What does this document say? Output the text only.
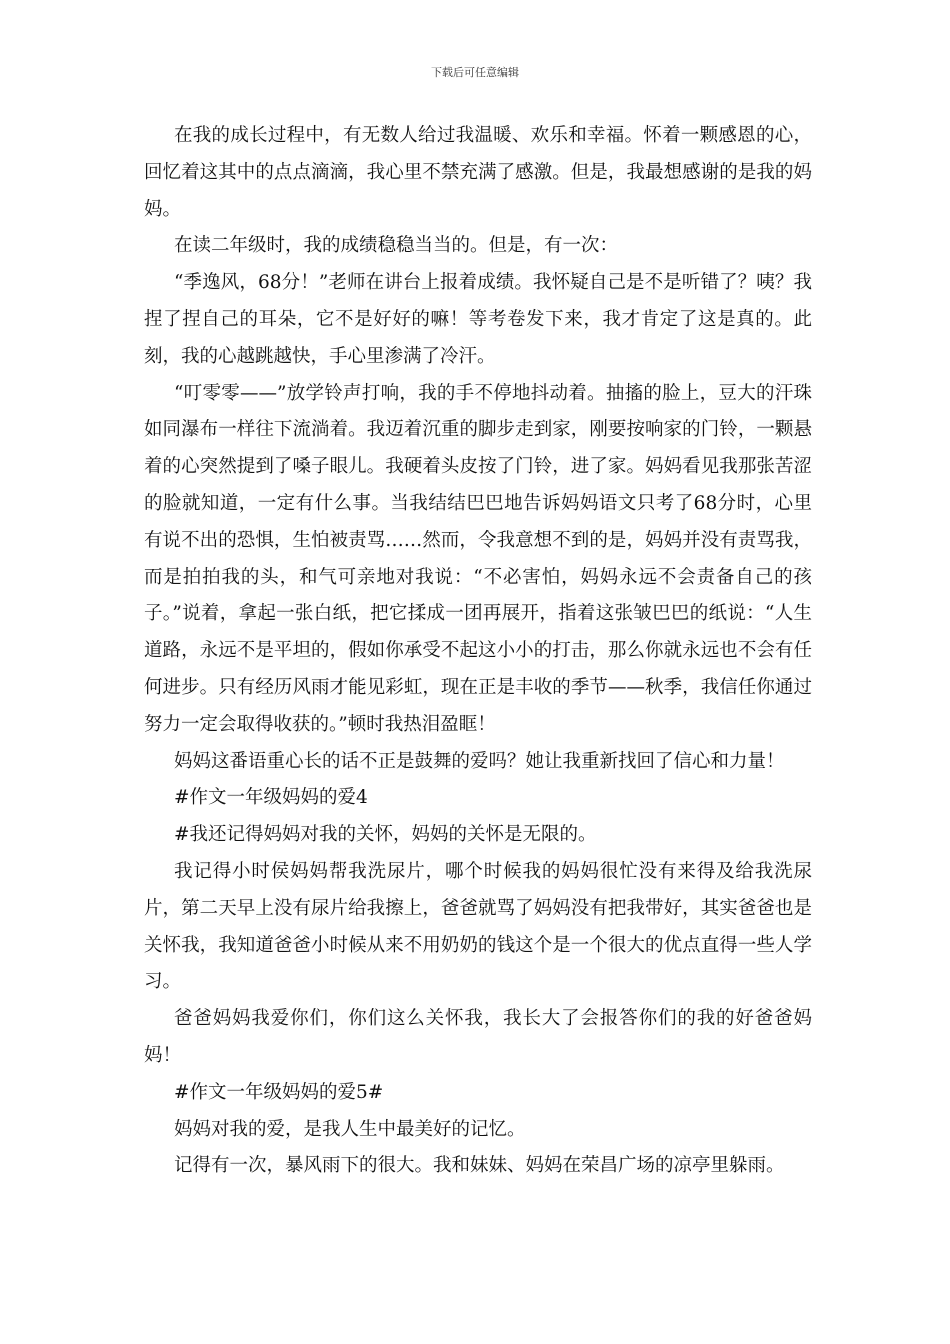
下载后可任意编辑

在我的成长过程中，有无数人给过我温暖、欢乐和幸福。怀着一颗感恩的心，回忆着这其中的点点滴滴，我心里不禁充满了感激。但是，我最想感谢的是我的妈妈。

在读二年级时，我的成绩稳稳当当的。但是，有一次：

“季逸风，68分！”老师在讲台上报着成绩。我怀疑自己是不是听错了？咦？我捏了捏自己的耳朵，它不是好好的嘛！等考卷发下来，我才肯定了这是真的。此刻，我的心越跳越快，手心里渗满了冷汗。

“叮零零——”放学铃声打响，我的手不停地抖动着。抽搐的脸上，豆大的汗珠如同瀑布一样往下流淌着。我迈着沉重的脚步走到家，刚要按响家的门铃，一颗悬着的心突然提到了嗓子眼儿。我硬着头皮按了门铃，进了家。妈妈看见我那张苦涩的脸就知道，一定有什么事。当我结结巴巴地告诉妈妈语文只考了68分时，心里有说不出的恐惧，生怕被责骂……然而，令我意想不到的是，妈妈并没有责骂我，而是拍拍我的头，和气可亲地对我说：“不必害怕，妈妈永远不会责备自己的孩子。”说着，拿起一张白纸，把它揉成一团再展开，指着这张皱巴巴的纸说：“人生道路，永远不是平坦的，假如你承受不起这小小的打击，那么你就永远也不会有任何进步。只有经历风雨才能见彩虹，现在正是丰收的季节——秋季，我信任你通过努力一定会取得收获的。”顿时我热泪盈眶！

妈妈这番语重心长的话不正是鼓舞的爱吗？她让我重新找回了信心和力量！

#作文一年级妈妈的爱4

#我还记得妈妈对我的关怀，妈妈的关怀是无限的。

我记得小时侯妈妈帮我洗尿片，哪个时候我的妈妈很忙没有来得及给我洗尿片，第二天早上没有尿片给我擦上，爸爸就骂了妈妈没有把我带好，其实爸爸也是关怀我，我知道爸爸小时候从来不用奶奶的钱这个是一个很大的优点直得一些人学习。

爸爸妈妈我爱你们，你们这么关怀我，我长大了会报答你们的我的好爸爸妈妈！

#作文一年级妈妈的爱5#

妈妈对我的爱，是我人生中最美好的记忆。

记得有一次，暴风雨下的很大。我和妹妹、妈妈在荣昌广场的凉亭里躲雨。
